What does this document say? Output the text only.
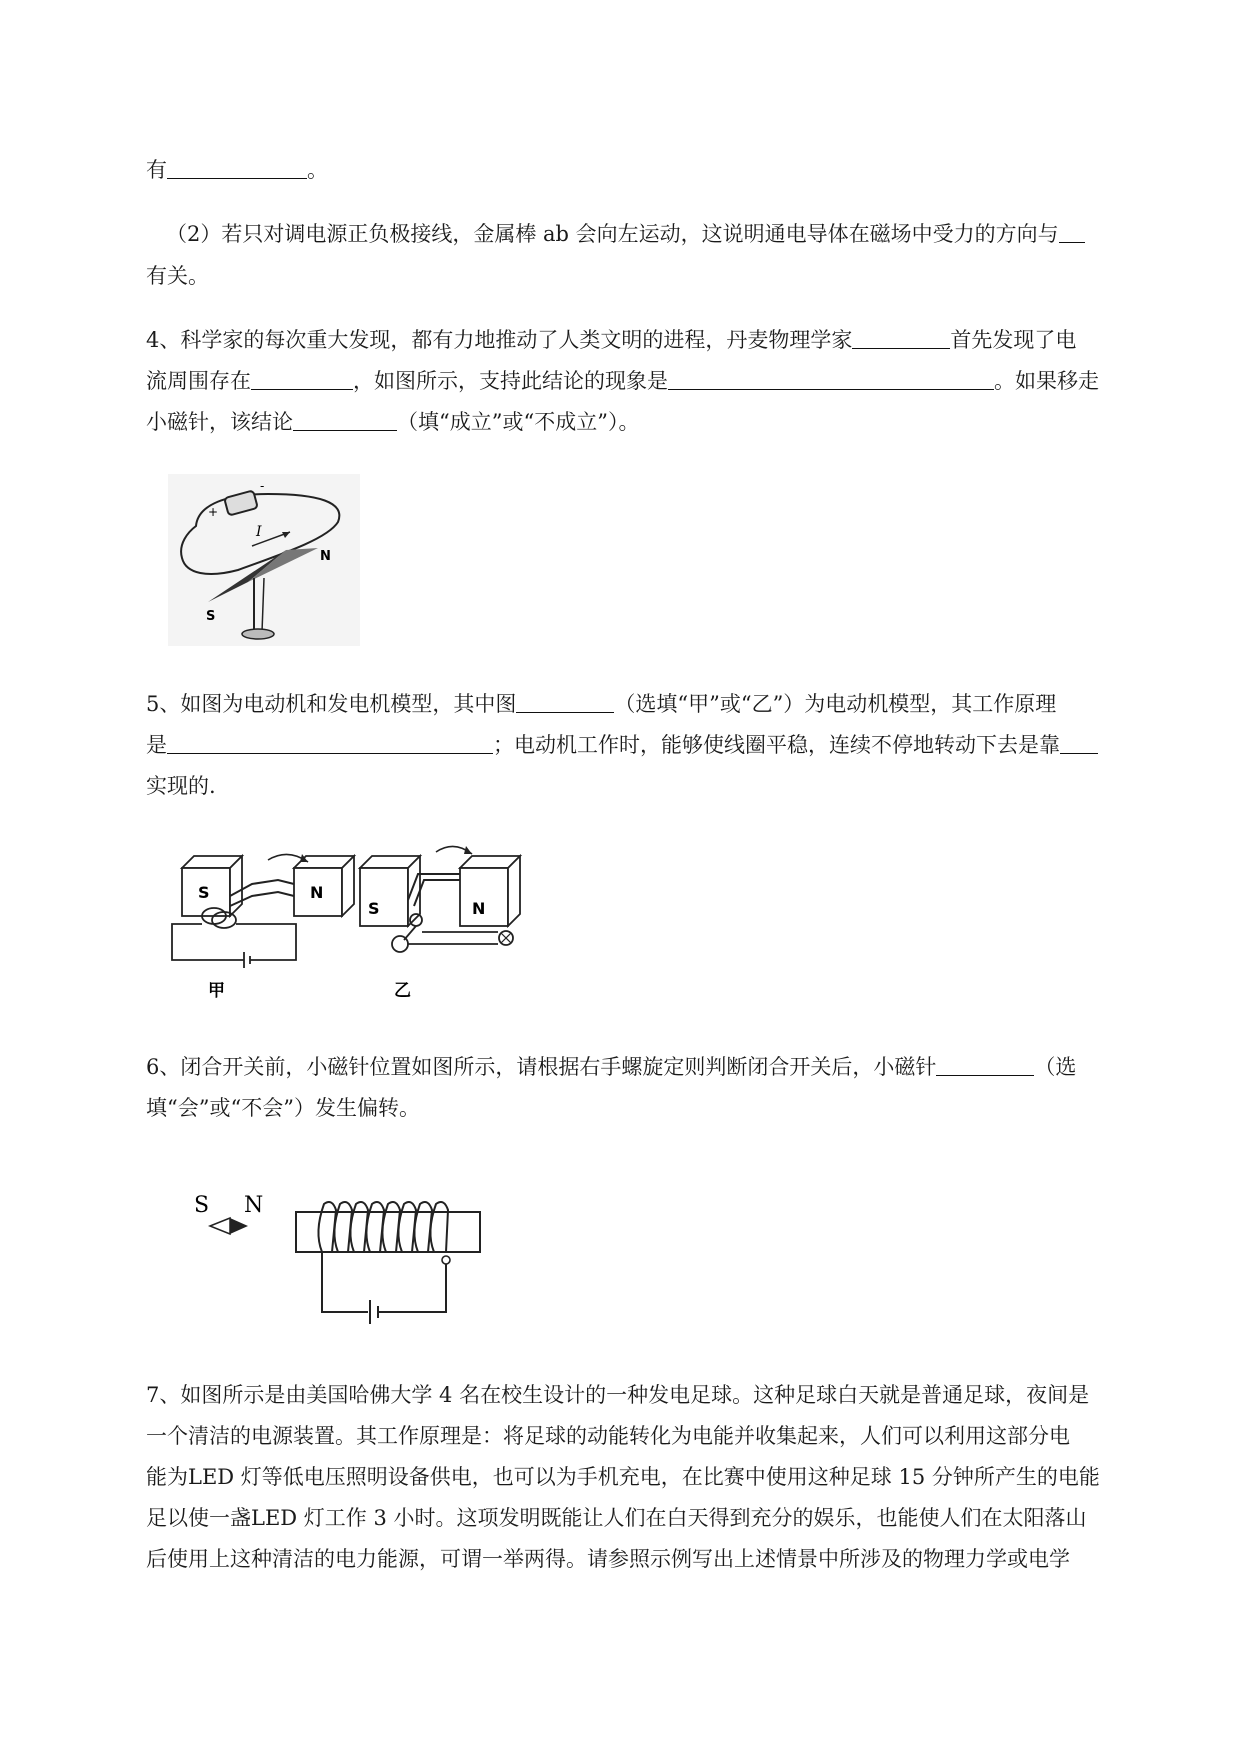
有	。
（2）若只对调电源正负极接线，金属棒 ab 会向左运动，这说明通电导体在磁场中受力的方向与
有关。
4、科学家的每次重大发现，都有力地推动了人类文明的进程，丹麦物理学家	首先发现了电
流周围存在	，如图所示，支持此结论的现象是	。如果移走
小磁针，该结论	（填“成立”或“不成立”）。
+
-
I
N
S
5、如图为电动机和发电机模型，其中图	（选填“甲”或“乙”）为电动机模型，其工作原理
是	；电动机工作时，能够使线圈平稳，连续不停地转动下去是靠
实现的.
S	N
甲
S	N
乙
6、闭合开关前，小磁针位置如图所示，请根据右手螺旋定则判断闭合开关后，小磁针	（选
填“会”或“不会”）发生偏转。
S N
7、如图所示是由美国哈佛大学 4 名在校生设计的一种发电足球。这种足球白天就是普通足球，夜间是
一个清洁的电源装置。其工作原理是：将足球的动能转化为电能并收集起来，人们可以利用这部分电
能为LED 灯等低电压照明设备供电，也可以为手机充电，在比赛中使用这种足球 15 分钟所产生的电能
足以使一盏LED 灯工作 3 小时。这项发明既能让人们在白天得到充分的娱乐，也能使人们在太阳落山
后使用上这种清洁的电力能源，可谓一举两得。请参照示例写出上述情景中所涉及的物理力学或电学
